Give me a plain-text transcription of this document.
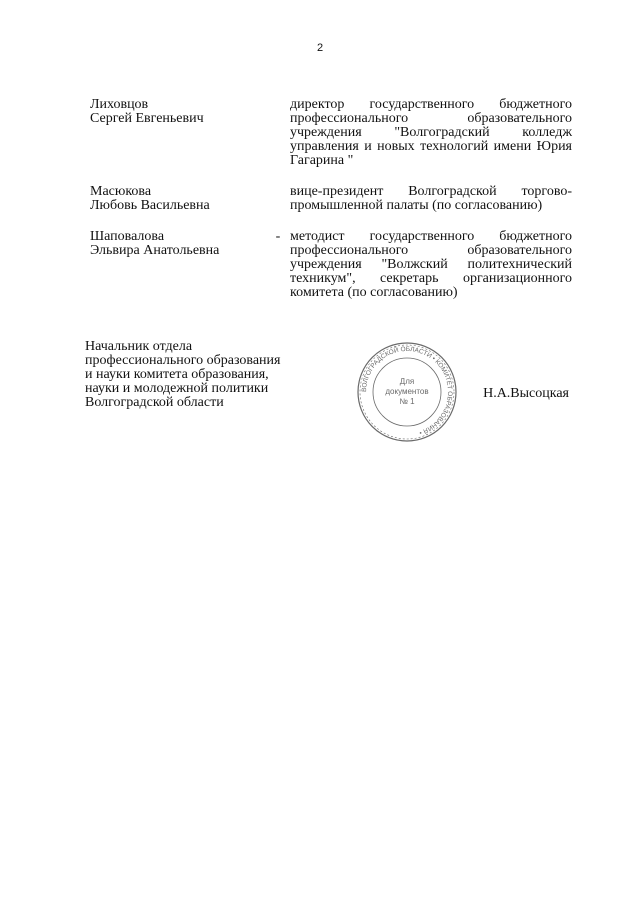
2
Лиховцов
Сергей Евгеньевич
директор государственного бюджетного профессионального образовательного учреждения "Волгоградский колледж управления и новых технологий имени Юрия Гагарина "
Масюкова
Любовь Васильевна
вице-президент Волгоградской торгово-промышленной палаты (по согласованию)
Шаповалова
Эльвира Анатольевна
- методист государственного бюджетного профессионального образовательного учреждения "Волжский политехнический техникум", секретарь организационного комитета (по согласованию)
Начальник отдела
профессионального образования
и науки комитета образования,
науки и молодежной политики
Волгоградской области
ВОЛГОГРАДСКОЙ ОБЛАСТИ • КОМИТЕТ ОБРАЗОВАНИЯ •
Для
документов
№ 1
Н.А.Высоцкая
